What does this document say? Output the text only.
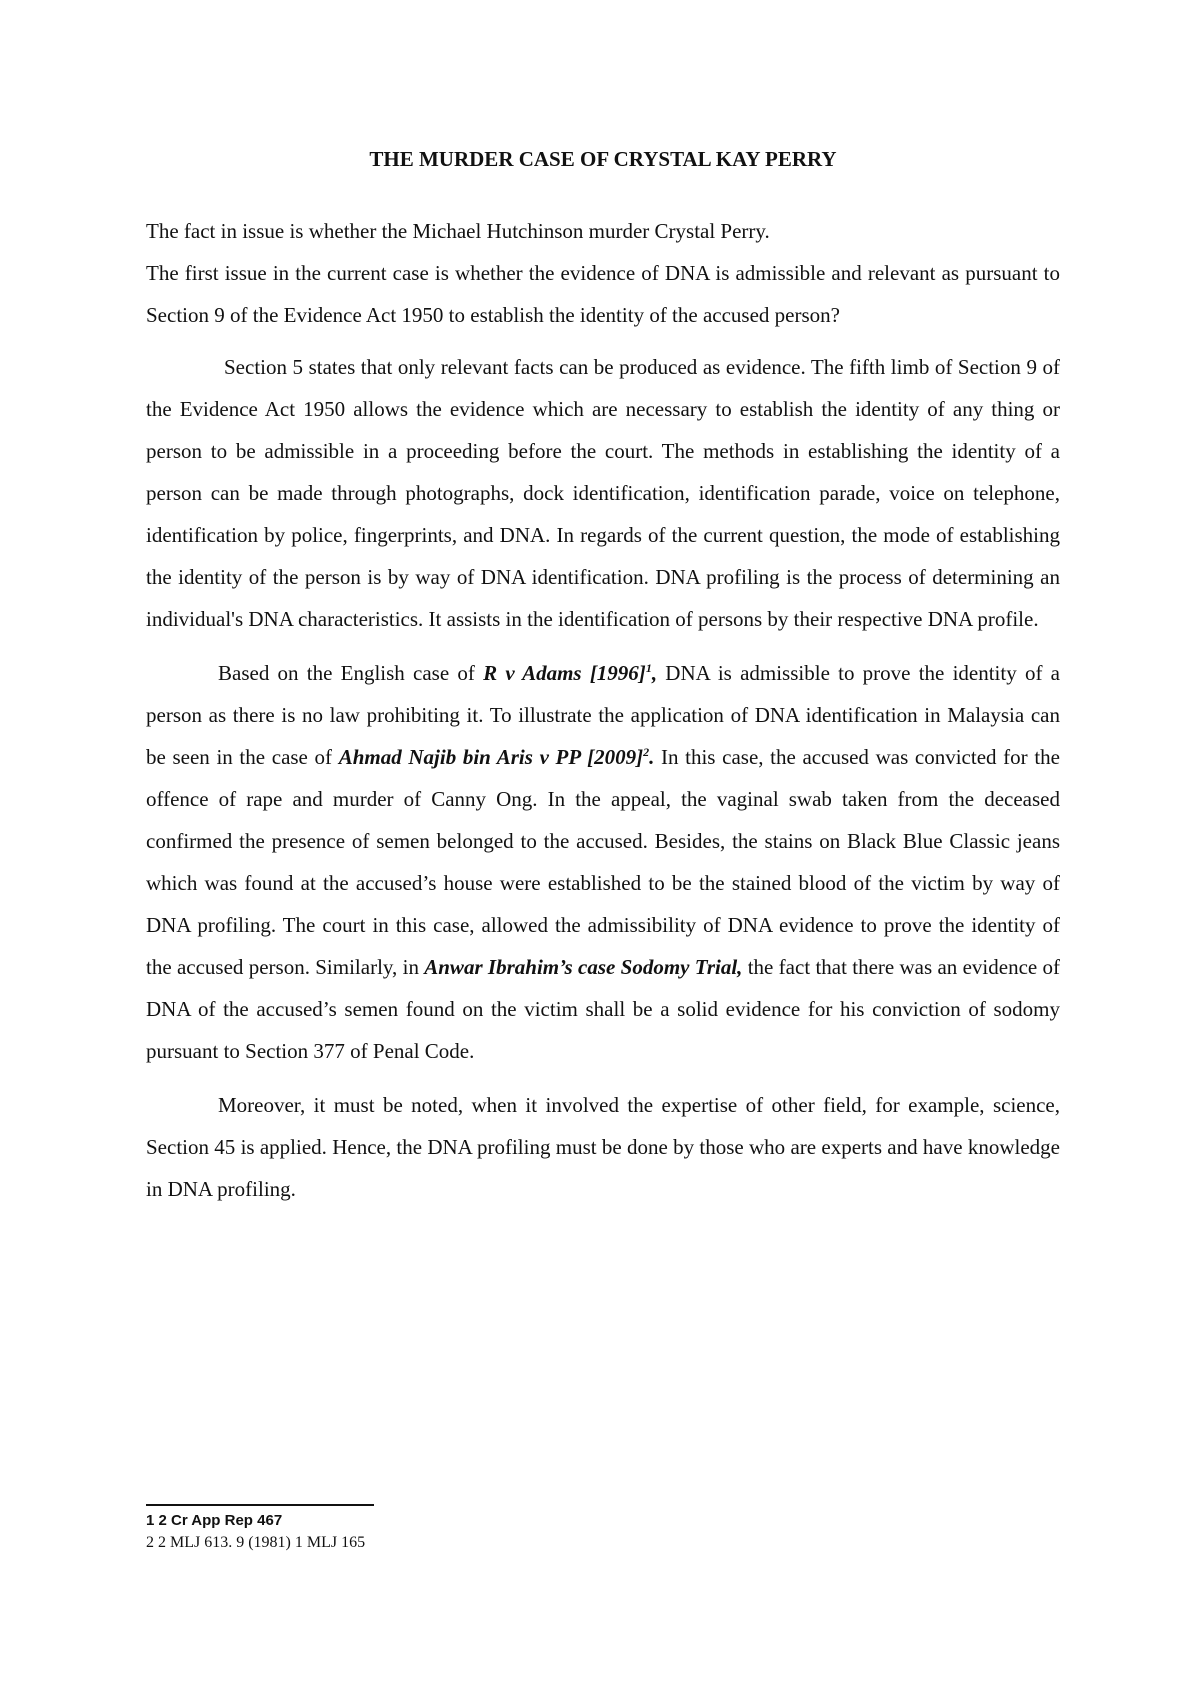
THE MURDER CASE OF CRYSTAL KAY PERRY

The fact in issue is whether the Michael Hutchinson murder Crystal Perry.

The first issue in the current case is whether the evidence of DNA is admissible and relevant as pursuant to Section 9 of the Evidence Act 1950 to establish the identity of the accused person?

Section 5 states that only relevant facts can be produced as evidence. The fifth limb of Section 9 of the Evidence Act 1950 allows the evidence which are necessary to establish the identity of any thing or person to be admissible in a proceeding before the court. The methods in establishing the identity of a person can be made through photographs, dock identification, identification parade, voice on telephone, identification by police, fingerprints, and DNA. In regards of the current question, the mode of establishing the identity of the person is by way of DNA identification. DNA profiling is the process of determining an individual's DNA characteristics. It assists in the identification of persons by their respective DNA profile.

Based on the English case of R v Adams $[1996]^1$, DNA is admissible to prove the identity of a person as there is no law prohibiting it. To illustrate the application of DNA identification in Malaysia can be seen in the case of Ahmad Najib bin Aris v PP $[2009]^2$. In this case, the accused was convicted for the offence of rape and murder of Canny Ong. In the appeal, the vaginal swab taken from the deceased confirmed the presence of semen belonged to the accused. Besides, the stains on Black Blue Classic jeans which was found at the accused’s house were established to be the stained blood of the victim by way of DNA profiling. The court in this case, allowed the admissibility of DNA evidence to prove the identity of the accused person. Similarly, in Anwar Ibrahim’s case Sodomy Trial, the fact that there was an evidence of DNA of the accused’s semen found on the victim shall be a solid evidence for his conviction of sodomy pursuant to Section 377 of Penal Code.

Moreover, it must be noted, when it involved the expertise of other field, for example, science, Section 45 is applied. Hence, the DNA profiling must be done by those who are experts and have knowledge in DNA profiling.

1 2 Cr App Rep 467
2 2 MLJ 613. 9 (1981) 1 MLJ 165
